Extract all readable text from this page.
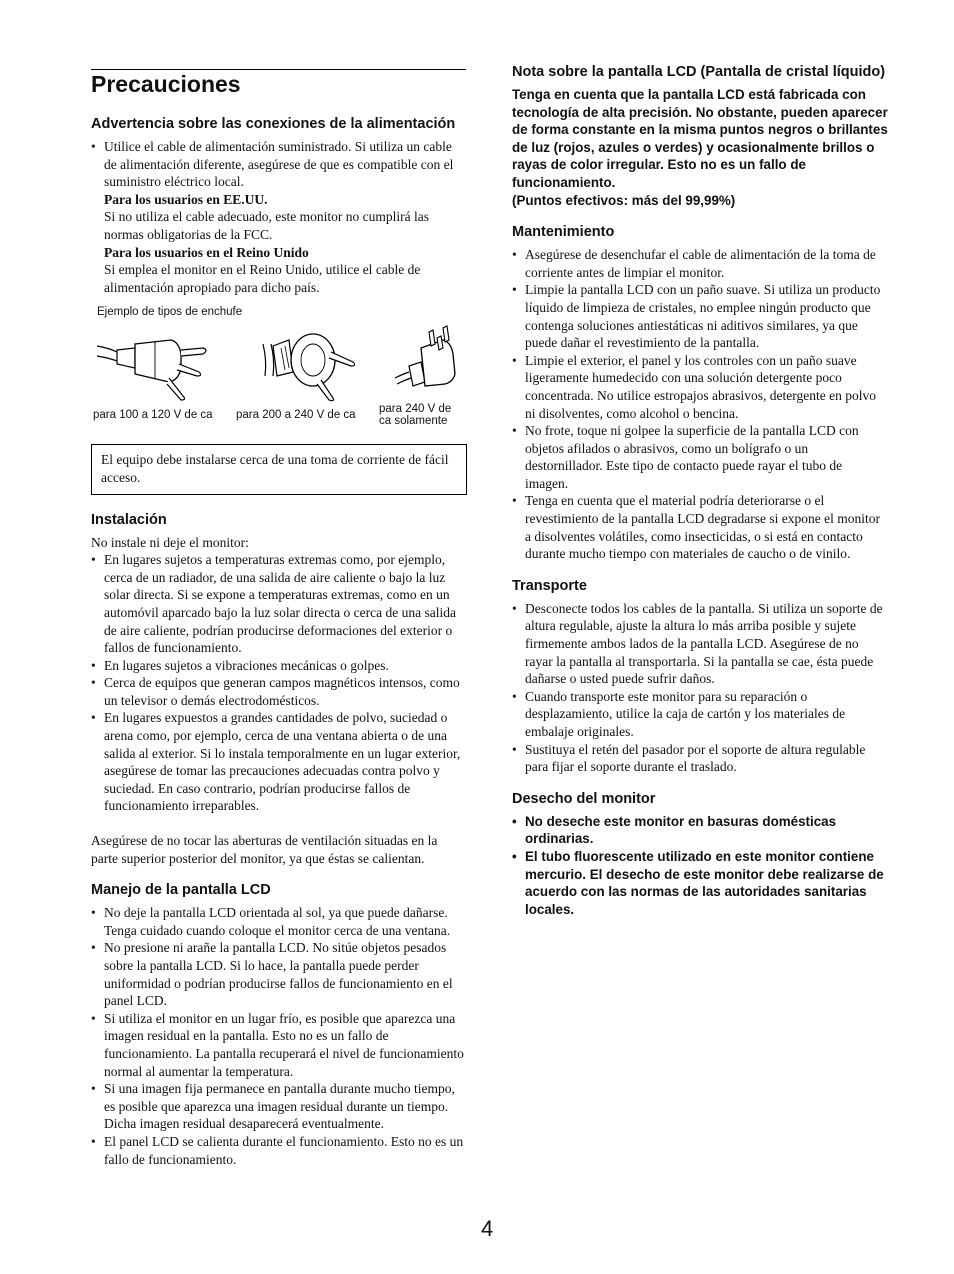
Precauciones
Advertencia sobre las conexiones de la alimentación
• Utilice el cable de alimentación suministrado. Si utiliza un cable de alimentación diferente, asegúrese de que es compatible con el suministro eléctrico local.
Para los usuarios en EE.UU.
Si no utiliza el cable adecuado, este monitor no cumplirá las normas obligatorias de la FCC.
Para los usuarios en el Reino Unido
Si emplea el monitor en el Reino Unido, utilice el cable de alimentación apropiado para dicho país.
Ejemplo de tipos de enchufe
para 100 a 120 V de ca para 200 a 240 V de ca para 240 V de
ca solamente

El equipo debe instalarse cerca de una toma de corriente de fácil acceso.

Instalación

No instale ni deje el monitor:

• En lugares sujetos a temperaturas extremas como, por ejemplo, cerca de un radiador, de una salida de aire caliente o bajo la luz solar directa. Si se expone a temperaturas extremas, como en un automóvil aparcado bajo la luz solar directa o cerca de una salida de aire caliente, podrían producirse deformaciones del exterior o fallos de funcionamiento.
• En lugares sujetos a vibraciones mecánicas o golpes.
• Cerca de equipos que generan campos magnéticos intensos, como un televisor o demás electrodomésticos.
• En lugares expuestos a grandes cantidades de polvo, suciedad o arena como, por ejemplo, cerca de una ventana abierta o de una salida al exterior. Si lo instala temporalmente en un lugar exterior, asegúrese de tomar las precauciones adecuadas contra polvo y suciedad. En caso contrario, podrían producirse fallos de funcionamiento irreparables.

Asegúrese de no tocar las aberturas de ventilación situadas en la parte superior posterior del monitor, ya que éstas se calientan.

Manejo de la pantalla LCD
• No deje la pantalla LCD orientada al sol, ya que puede dañarse. Tenga cuidado cuando coloque el monitor cerca de una ventana.
• No presione ni arañe la pantalla LCD. No sitúe objetos pesados sobre la pantalla LCD. Si lo hace, la pantalla puede perder uniformidad o podrían producirse fallos de funcionamiento en el panel LCD.
• Si utiliza el monitor en un lugar frío, es posible que aparezca una imagen residual en la pantalla. Esto no es un fallo de funcionamiento. La pantalla recuperará el nivel de funcionamiento normal al aumentar la temperatura.
• Si una imagen fija permanece en pantalla durante mucho tiempo, es posible que aparezca una imagen residual durante un tiempo. Dicha imagen residual desaparecerá eventualmente.
• El panel LCD se calienta durante el funcionamiento. Esto no es un fallo de funcionamiento.
Nota sobre la pantalla LCD (Pantalla de cristal líquido)

Tenga en cuenta que la pantalla LCD está fabricada con tecnología de alta precisión. No obstante, pueden aparecer de forma constante en la misma puntos negros o brillantes de luz (rojos, azules o verdes) y ocasionalmente brillos o rayas de color irregular. Esto no es un fallo de funcionamiento.

(Puntos efectivos: más del 99,99%)

Mantenimiento
• Asegúrese de desenchufar el cable de alimentación de la toma de corriente antes de limpiar el monitor.
• Limpie la pantalla LCD con un paño suave. Si utiliza un producto líquido de limpieza de cristales, no emplee ningún producto que contenga soluciones antiestáticas ni aditivos similares, ya que puede dañar el revestimiento de la pantalla.
• Limpie el exterior, el panel y los controles con un paño suave ligeramente humedecido con una solución detergente poco concentrada. No utilice estropajos abrasivos, detergente en polvo ni disolventes, como alcohol o bencina.
• No frote, toque ni golpee la superficie de la pantalla LCD con objetos afilados o abrasivos, como un bolígrafo o un destornillador. Este tipo de contacto puede rayar el tubo de imagen.
• Tenga en cuenta que el material podría deteriorarse o el revestimiento de la pantalla LCD degradarse si expone el monitor a disolventes volátiles, como insecticidas, o si está en contacto durante mucho tiempo con materiales de caucho o de vinilo.
Transporte
• Desconecte todos los cables de la pantalla. Si utiliza un soporte de altura regulable, ajuste la altura lo más arriba posible y sujete firmemente ambos lados de la pantalla LCD. Asegúrese de no rayar la pantalla al transportarla. Si la pantalla se cae, ésta puede dañarse o usted puede sufrir daños.
• Cuando transporte este monitor para su reparación o desplazamiento, utilice la caja de cartón y los materiales de embalaje originales.
• Sustituya el retén del pasador por el soporte de altura regulable para fijar el soporte durante el traslado.
Desecho del monitor
• No deseche este monitor en basuras domésticas ordinarias.
• El tubo fluorescente utilizado en este monitor contiene mercurio. El desecho de este monitor debe realizarse de acuerdo con las normas de las autoridades sanitarias locales.
4
